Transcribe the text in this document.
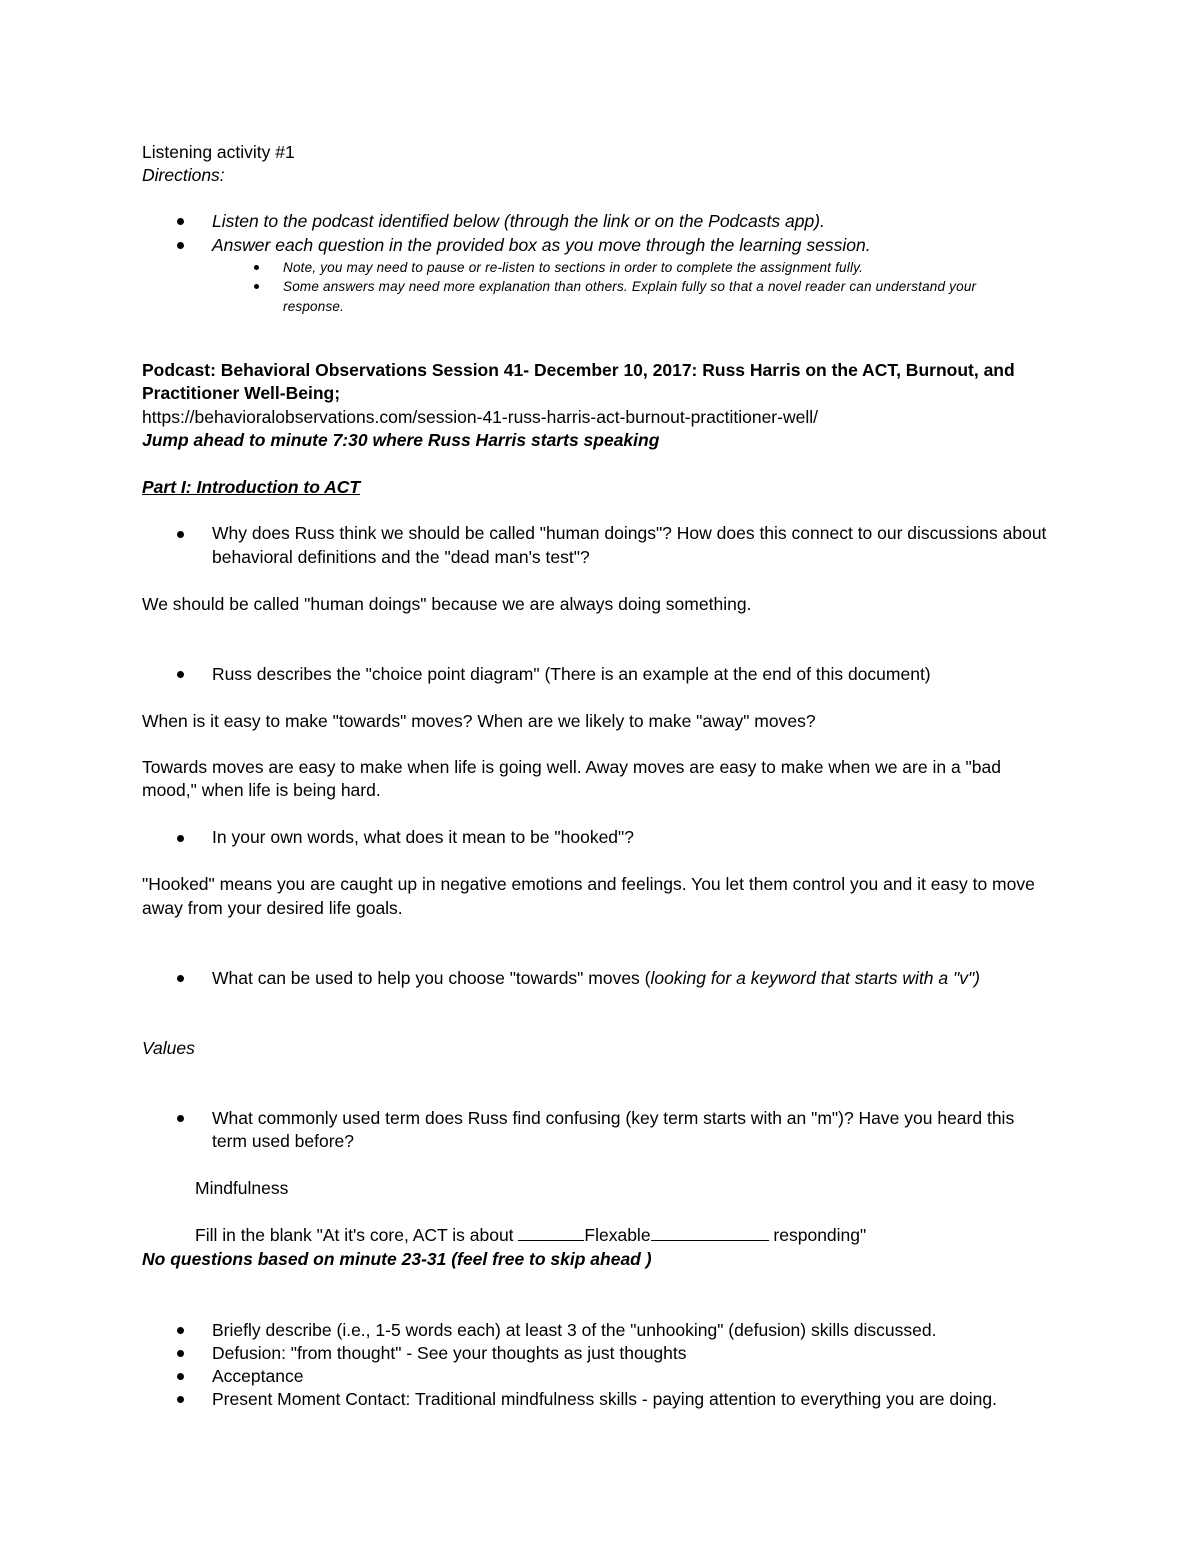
Listening activity #1
Directions:
Listen to the podcast identified below (through the link or on the Podcasts app).
Answer each question in the provided box as you move through the learning session.
Note, you may need to pause or re-listen to sections in order to complete the assignment fully.
Some answers may need more explanation than others. Explain fully so that a novel reader can understand your
response.
Podcast: Behavioral Observations Session 41- December 10, 2017: Russ Harris on the ACT, Burnout, and
Practitioner Well-Being;
https://behavioralobservations.com/session-41-russ-harris-act-burnout-practitioner-well/
Jump ahead to minute 7:30 where Russ Harris starts speaking
Part I: Introduction to ACT
Why does Russ think we should be called "human doings"? How does this connect to our discussions about
behavioral definitions and the "dead man's test"?
We should be called "human doings" because we are always doing something.
Russ describes the "choice point diagram" (There is an example at the end of this document)
When is it easy to make "towards" moves? When are we likely to make "away" moves?
Towards moves are easy to make when life is going well. Away moves are easy to make when we are in a "bad
mood," when life is being hard.
In your own words, what does it mean to be "hooked"?
"Hooked" means you are caught up in negative emotions and feelings. You let them control you and it easy to move
away from your desired life goals.
What can be used to help you choose "towards" moves (looking for a keyword that starts with a "v")
Values
What commonly used term does Russ find confusing (key term starts with an "m")? Have you heard this
term used before?
Mindfulness
Fill in the blank "At it's core, ACT is about	Flexable	responding"
No questions based on minute 23-31 (feel free to skip ahead )
Briefly describe (i.e., 1-5 words each) at least 3 of the "unhooking" (defusion) skills discussed.
Defusion: "from thought" - See your thoughts as just thoughts
Acceptance
Present Moment Contact: Traditional mindfulness skills - paying attention to everything you are doing.
